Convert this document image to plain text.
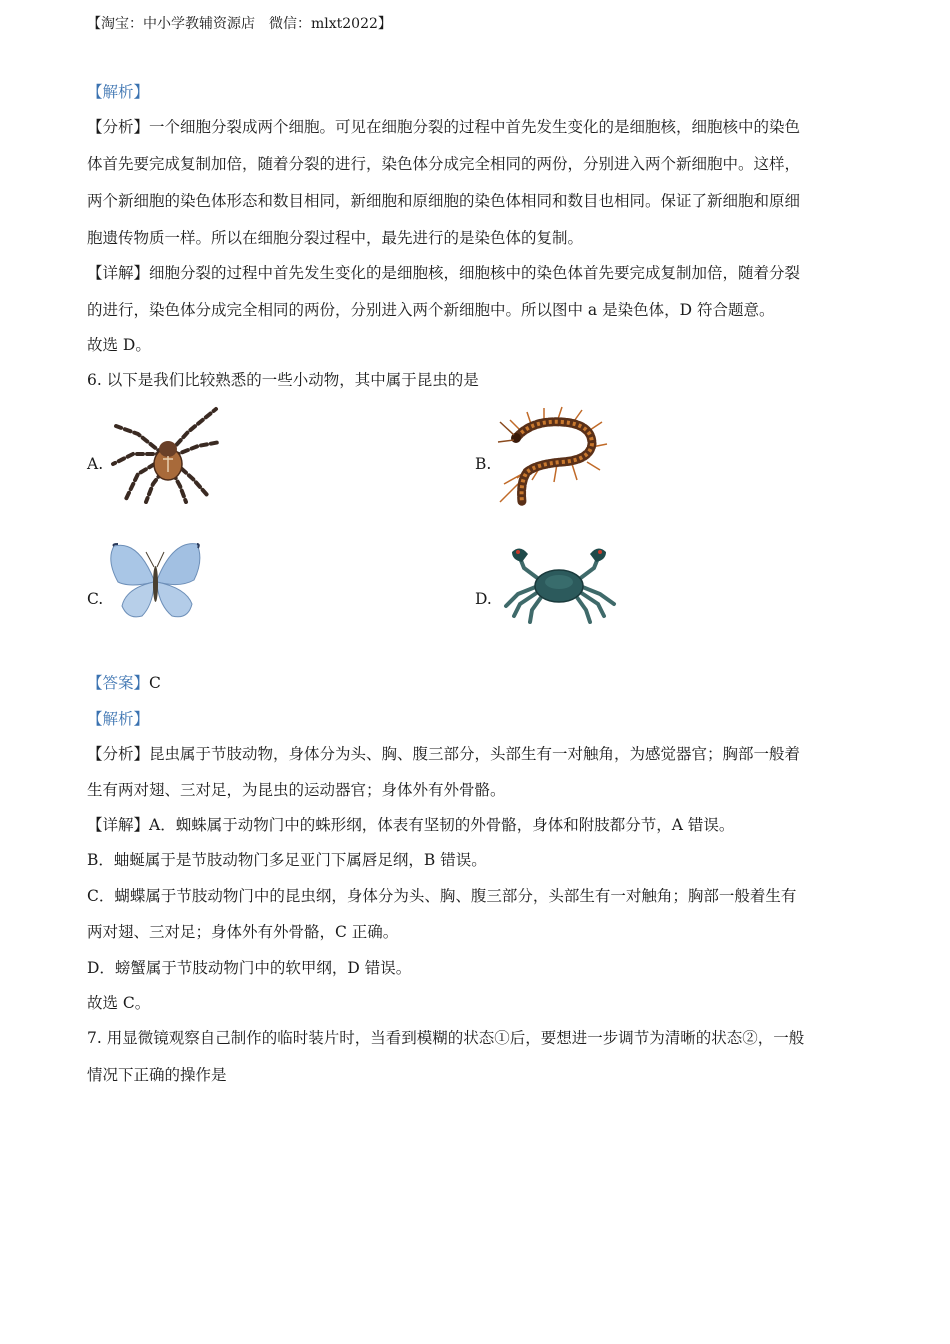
【淘宝：中小学教辅资源店　微信：mlxt2022】
【解析】
【分析】一个细胞分裂成两个细胞。可见在细胞分裂的过程中首先发生变化的是细胞核，细胞核中的染色
体首先要完成复制加倍，随着分裂的进行，染色体分成完全相同的两份，分别进入两个新细胞中。这样，
两个新细胞的染色体形态和数目相同，新细胞和原细胞的染色体相同和数目也相同。保证了新细胞和原细
胞遗传物质一样。所以在细胞分裂过程中，最先进行的是染色体的复制。
【详解】细胞分裂的过程中首先发生变化的是细胞核，细胞核中的染色体首先要完成复制加倍，随着分裂
的进行，染色体分成完全相同的两份，分别进入两个新细胞中。所以图中 a 是染色体，D 符合题意。
故选 D。
6. 以下是我们比较熟悉的一些小动物，其中属于昆虫的是
A.	B.
C.	D.
【答案】C
【解析】
【分析】昆虫属于节肢动物，身体分为头、胸、腹三部分，头部生有一对触角，为感觉器官；胸部一般着
生有两对翅、三对足，为昆虫的运动器官；身体外有外骨骼。
【详解】A．蜘蛛属于动物门中的蛛形纲，体表有坚韧的外骨骼，身体和附肢都分节，A 错误。
B．蚰蜒属于是节肢动物门多足亚门下属唇足纲，B 错误。
C．蝴蝶属于节肢动物门中的昆虫纲，身体分为头、胸、腹三部分，头部生有一对触角；胸部一般着生有
两对翅、三对足；身体外有外骨骼，C 正确。
D．螃蟹属于节肢动物门中的软甲纲，D 错误。
故选 C。
7. 用显微镜观察自己制作的临时装片时，当看到模糊的状态①后，要想进一步调节为清晰的状态②，一般
情况下正确的操作是
